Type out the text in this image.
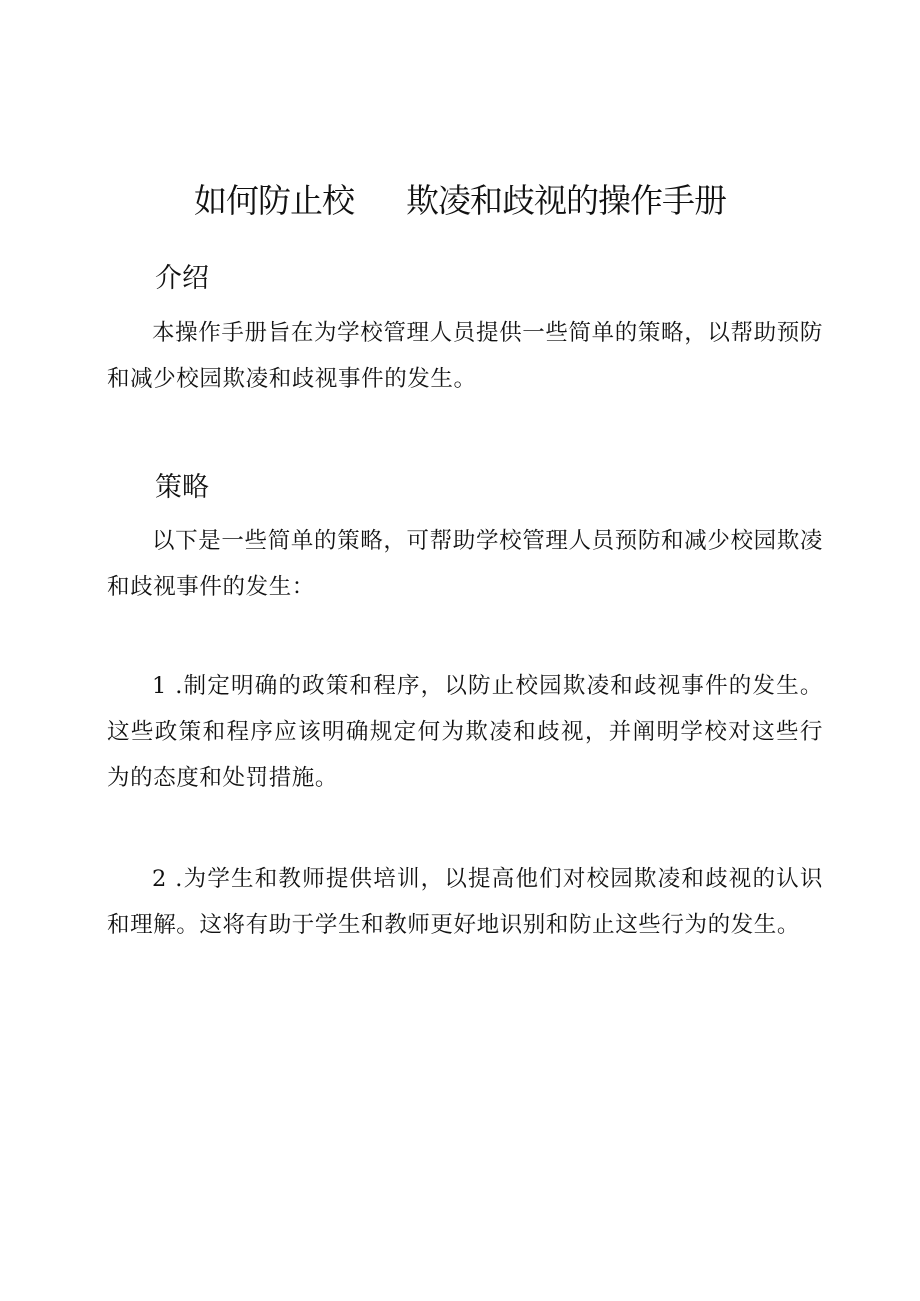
如何防止校 欺凌和歧视的操作手册
介绍

本操作手册旨在为学校管理人员提供一些简单的策略，以帮助预防和减少校园欺凌和歧视事件的发生。

策略

以下是一些简单的策略，可帮助学校管理人员预防和减少校园欺凌和歧视事件的发生：

1 .制定明确的政策和程序，以防止校园欺凌和歧视事件的发生。这些政策和程序应该明确规定何为欺凌和歧视，并阐明学校对这些行为的态度和处罚措施。

2 .为学生和教师提供培训，以提高他们对校园欺凌和歧视的认识和理解。这将有助于学生和教师更好地识别和防止这些行为的发生。
